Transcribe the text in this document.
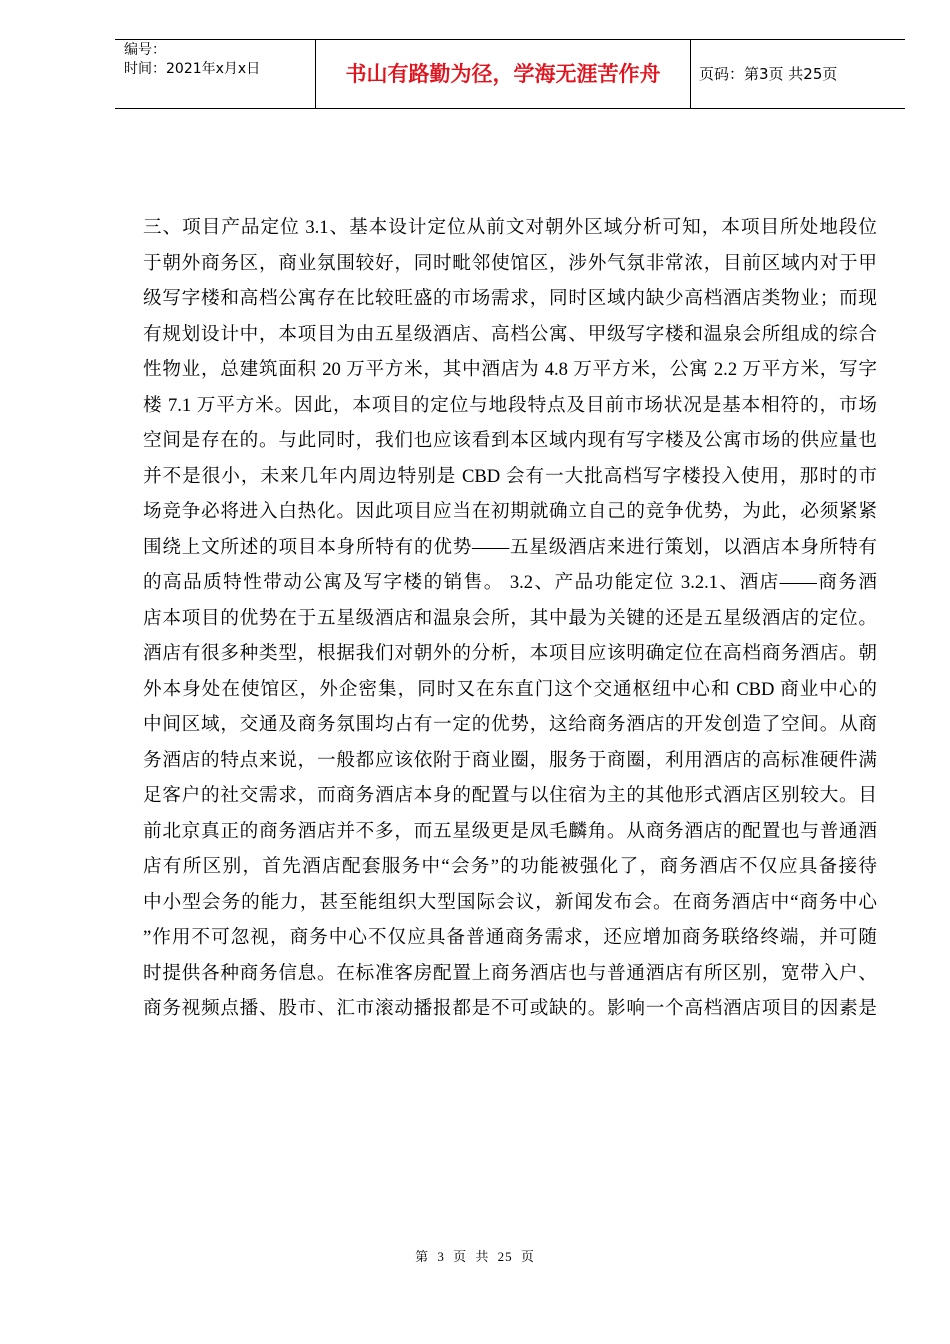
编号：
时间：2021年x月x日	书山有路勤为径，学海无涯苦作舟	页码：第3页 共25页
三、项目产品定位 3.1、基本设计定位从前文对朝外区域分析可知，本项目所处地段位
于朝外商务区，商业氛围较好，同时毗邻使馆区，涉外气氛非常浓，目前区域内对于甲
级写字楼和高档公寓存在比较旺盛的市场需求，同时区域内缺少高档酒店类物业；而现
有规划设计中，本项目为由五星级酒店、高档公寓、甲级写字楼和温泉会所组成的综合
性物业，总建筑面积 20 万平方米，其中酒店为 4.8 万平方米，公寓 2.2 万平方米，写字
楼 7.1 万平方米。因此，本项目的定位与地段特点及目前市场状况是基本相符的，市场
空间是存在的。与此同时，我们也应该看到本区域内现有写字楼及公寓市场的供应量也
并不是很小，未来几年内周边特别是 CBD 会有一大批高档写字楼投入使用，那时的市
场竞争必将进入白热化。因此项目应当在初期就确立自己的竞争优势，为此，必须紧紧
围绕上文所述的项目本身所特有的优势——五星级酒店来进行策划，以酒店本身所特有
的高品质特性带动公寓及写字楼的销售。 3.2、产品功能定位 3.2.1、酒店——商务酒
店本项目的优势在于五星级酒店和温泉会所，其中最为关键的还是五星级酒店的定位。
酒店有很多种类型，根据我们对朝外的分析，本项目应该明确定位在高档商务酒店。朝
外本身处在使馆区，外企密集，同时又在东直门这个交通枢纽中心和 CBD 商业中心的
中间区域，交通及商务氛围均占有一定的优势，这给商务酒店的开发创造了空间。从商
务酒店的特点来说，一般都应该依附于商业圈，服务于商圈，利用酒店的高标准硬件满
足客户的社交需求，而商务酒店本身的配置与以住宿为主的其他形式酒店区别较大。目
前北京真正的商务酒店并不多，而五星级更是凤毛麟角。从商务酒店的配置也与普通酒
店有所区别，首先酒店配套服务中“会务”的功能被强化了，商务酒店不仅应具备接待
中小型会务的能力，甚至能组织大型国际会议，新闻发布会。在商务酒店中“商务中心
”作用不可忽视，商务中心不仅应具备普通商务需求，还应增加商务联络终端，并可随
时提供各种商务信息。在标准客房配置上商务酒店也与普通酒店有所区别，宽带入户、
商务视频点播、股市、汇市滚动播报都是不可或缺的。影响一个高档酒店项目的因素是
第 3 页 共 25 页
